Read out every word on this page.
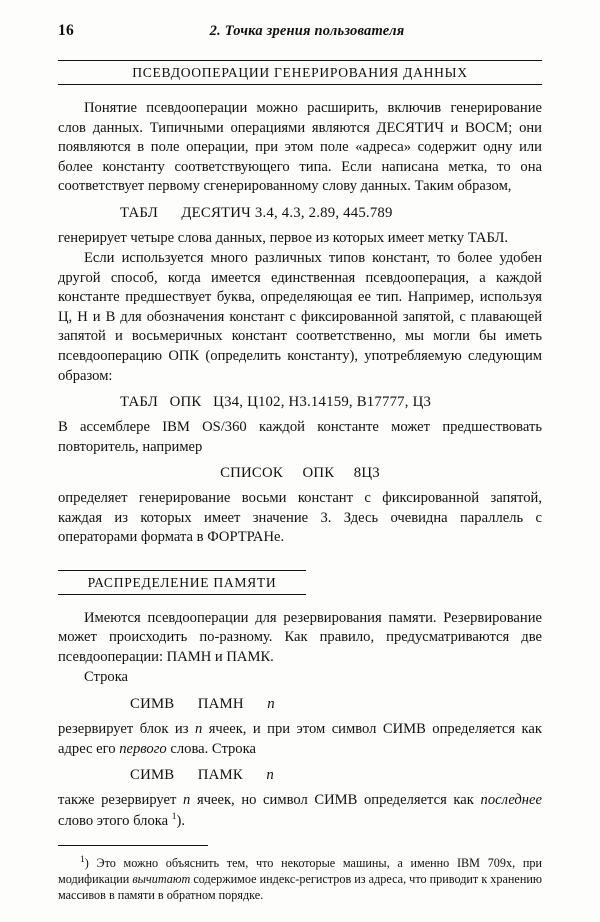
16	2. Точка зрения пользователя
ПСЕВДООПЕРАЦИИ ГЕНЕРИРОВАНИЯ ДАННЫХ

Понятие псевдооперации можно расширить, включив генерирование слов данных. Типичными операциями являются ДЕСЯТИЧ и ВОСМ; они появляются в поле операции, при этом поле «адреса» содержит одну или более константу соответствующего типа. Если написана метка, то она соответствует первому сгенерированному слову данных. Таким образом,

ТАБЛ      ДЕСЯТИЧ 3.4, 4.3, 2.89, 445.789

генерирует четыре слова данных, первое из которых имеет метку ТАБЛ.

Если используется много различных типов констант, то более удобен другой способ, когда имеется единственная псевдооперация, а каждой константе предшествует буква, определяющая ее тип. Например, используя Ц, Н и В для обозначения констант с фиксированной запятой, с плавающей запятой и восьмеричных констант соответственно, мы могли бы иметь псевдооперацию ОПК (определить константу), употребляемую следующим образом:

ТАБЛ   ОПК   Ц34, Ц102, Н3.14159, В17777, Ц3

В ассемблере IBM OS/360 каждой константе может предшествовать повторитель, например

СПИСОК     ОПК     8Ц3

определяет генерирование восьми констант с фиксированной запятой, каждая из которых имеет значение 3. Здесь очевидна параллель с операторами формата в ФОРТРАНе.

РАСПРЕДЕЛЕНИЕ ПАМЯТИ

Имеются псевдооперации для резервирования памяти. Резервирование может происходить по-разному. Как правило, предусматриваются две псевдооперации: ПАМН и ПАМК.

Строка

СИМВ      ПАМН      n

резервирует блок из n ячеек, и при этом символ СИМВ определяется как адрес его первого слова. Строка

СИМВ      ПАМК      n

также резервирует n ячеек, но символ СИМВ определяется как последнее слово этого блока $^1$).

$^1$) Это можно объяснить тем, что некоторые машины, а именно IBM 709x, при модификации вычитают содержимое индекс-регистров из адреса, что приводит к хранению массивов в памяти в обратном порядке.
